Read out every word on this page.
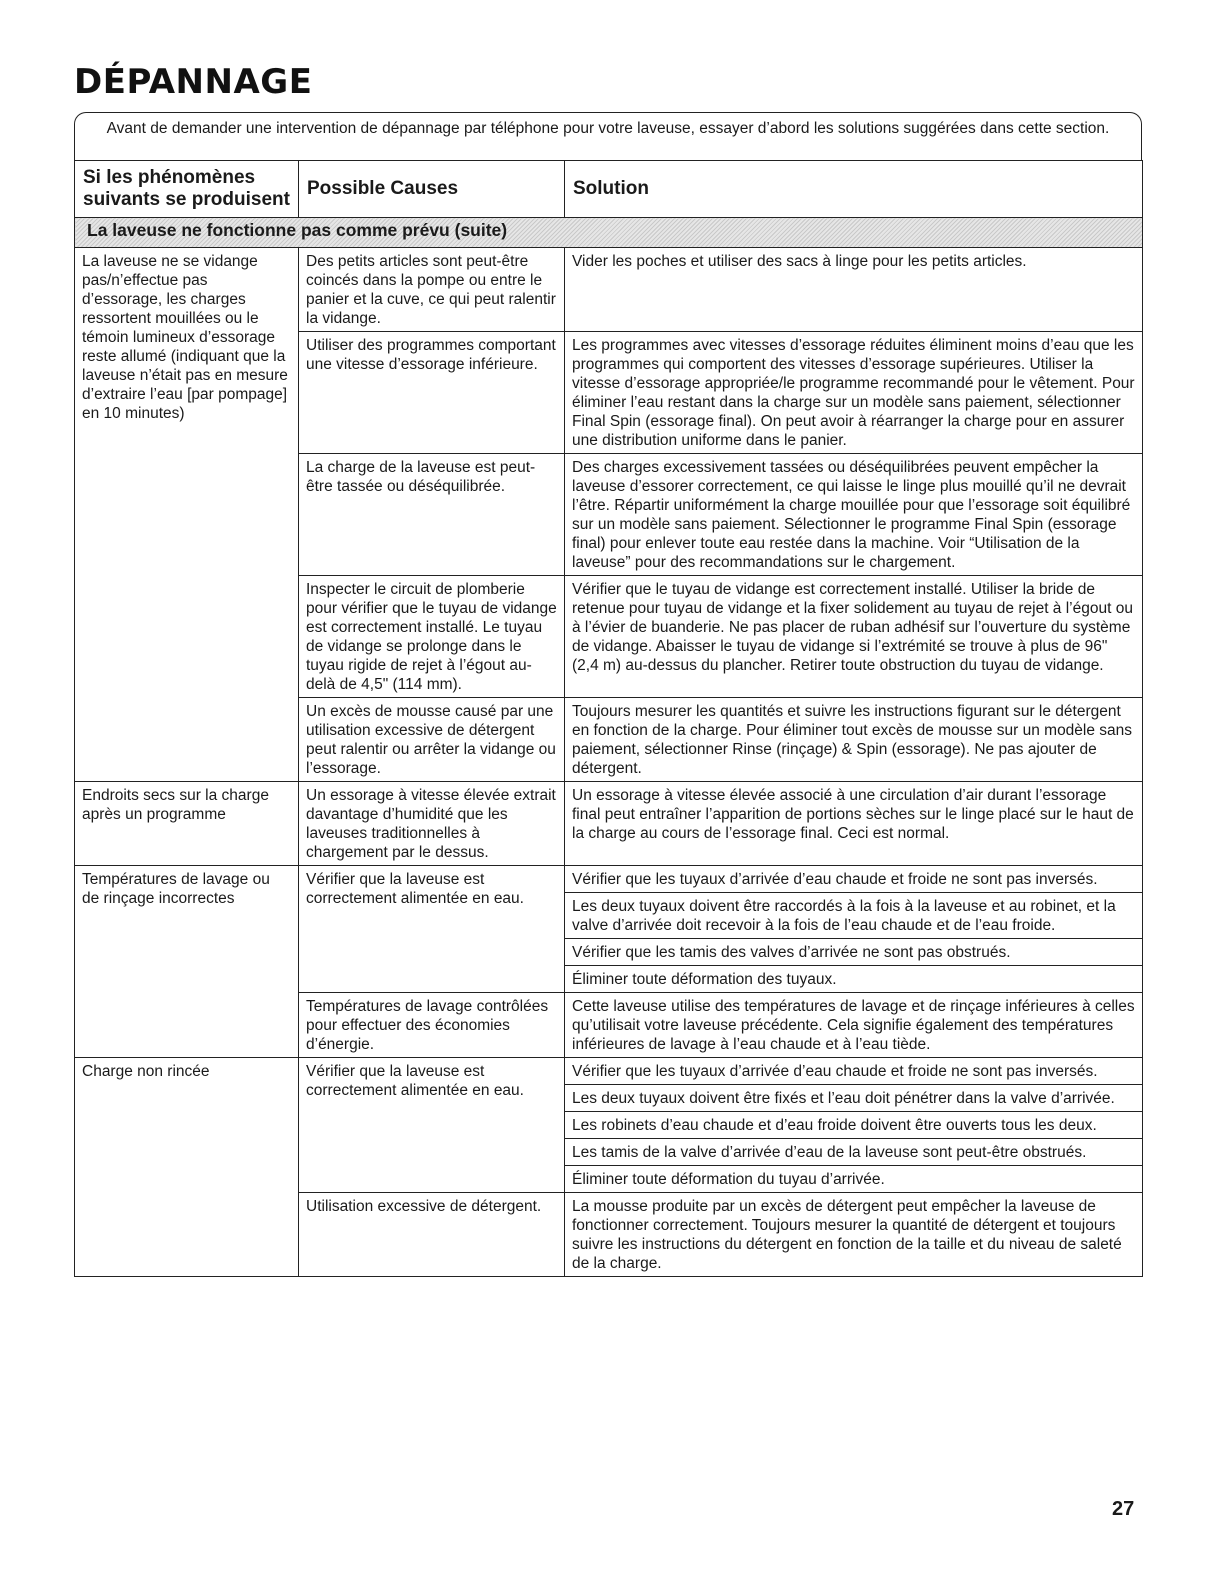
DÉPANNAGE
Avant de demander une intervention de dépannage par téléphone pour votre laveuse, essayer d’abord les solutions suggérées dans cette section.
Si les phénomènes suivants se produisent	Possible Causes	Solution
La laveuse ne fonctionne pas comme prévu (suite)		
La laveuse ne se vidange pas/n’effectue pas d’essorage, les charges ressortent mouillées ou le témoin lumineux d’essorage reste allumé (indiquant que la laveuse n’était pas en mesure d’extraire l’eau [par pompage] en 10 minutes)	Des petits articles sont peut-être coincés dans la pompe ou entre le panier et la cuve, ce qui peut ralentir la vidange.	Vider les poches et utiliser des sacs à linge pour les petits articles.
	Utiliser des programmes comportant une vitesse d’essorage inférieure.	Les programmes avec vitesses d’essorage réduites éliminent moins d’eau que les programmes qui comportent des vitesses d’essorage supérieures. Utiliser la vitesse d’essorage appropriée/le programme recommandé pour le vêtement. Pour éliminer l’eau restant dans la charge sur un modèle sans paiement, sélectionner Final Spin (essorage final). On peut avoir à réarranger la charge pour en assurer une distribution uniforme dans le panier.
	La charge de la laveuse est peut-être tassée ou déséquilibrée.	Des charges excessivement tassées ou déséquilibrées peuvent empêcher la laveuse d’essorer correctement, ce qui laisse le linge plus mouillé qu’il ne devrait l’être. Répartir uniformément la charge mouillée pour que l’essorage soit équilibré sur un modèle sans paiement. Sélectionner le programme Final Spin (essorage final) pour enlever toute eau restée dans la machine. Voir “Utilisation de la laveuse” pour des recommandations sur le chargement.
	Inspecter le circuit de plomberie pour vérifier que le tuyau de vidange est correctement installé. Le tuyau de vidange se prolonge dans le tuyau rigide de rejet à l’égout au-delà de 4,5" (114 mm).	Vérifier que le tuyau de vidange est correctement installé. Utiliser la bride de retenue pour tuyau de vidange et la fixer solidement au tuyau de rejet à l’égout ou à l’évier de buanderie. Ne pas placer de ruban adhésif sur l’ouverture du système de vidange. Abaisser le tuyau de vidange si l’extrémité se trouve à plus de 96" (2,4 m) au-dessus du plancher. Retirer toute obstruction du tuyau de vidange.
	Un excès de mousse causé par une utilisation excessive de détergent peut ralentir ou arrêter la vidange ou l’essorage.	Toujours mesurer les quantités et suivre les instructions figurant sur le détergent en fonction de la charge. Pour éliminer tout excès de mousse sur un modèle sans paiement, sélectionner Rinse (rinçage) & Spin (essorage). Ne pas ajouter de détergent.
Endroits secs sur la charge après un programme	Un essorage à vitesse élevée extrait davantage d’humidité que les laveuses traditionnelles à chargement par le dessus.	Un essorage à vitesse élevée associé à une circulation d’air durant l’essorage final peut entraîner l’apparition de portions sèches sur le linge placé sur le haut de la charge au cours de l’essorage final. Ceci est normal.
Températures de lavage ou de rinçage incorrectes	Vérifier que la laveuse est correctement alimentée en eau.	Vérifier que les tuyaux d’arrivée d’eau chaude et froide ne sont pas inversés.
		Les deux tuyaux doivent être raccordés à la fois à la laveuse et au robinet, et la valve d’arrivée doit recevoir à la fois de l’eau chaude et de l’eau froide.
		Vérifier que les tamis des valves d’arrivée ne sont pas obstrués.
		Éliminer toute déformation des tuyaux.
	Températures de lavage contrôlées pour effectuer des économies d’énergie.	Cette laveuse utilise des températures de lavage et de rinçage inférieures à celles qu’utilisait votre laveuse précédente. Cela signifie également des températures inférieures de lavage à l’eau chaude et à l’eau tiède.
Charge non rincée	Vérifier que la laveuse est correctement alimentée en eau.	Vérifier que les tuyaux d’arrivée d’eau chaude et froide ne sont pas inversés.
		Les deux tuyaux doivent être fixés et l’eau doit pénétrer dans la valve d’arrivée.
		Les robinets d’eau chaude et d’eau froide doivent être ouverts tous les deux.
		Les tamis de la valve d’arrivée d’eau de la laveuse sont peut-être obstrués.
		Éliminer toute déformation du tuyau d’arrivée.
	Utilisation excessive de détergent.	La mousse produite par un excès de détergent peut empêcher la laveuse de fonctionner correctement. Toujours mesurer la quantité de détergent et toujours suivre les instructions du détergent en fonction de la taille et du niveau de saleté de la charge.
27
